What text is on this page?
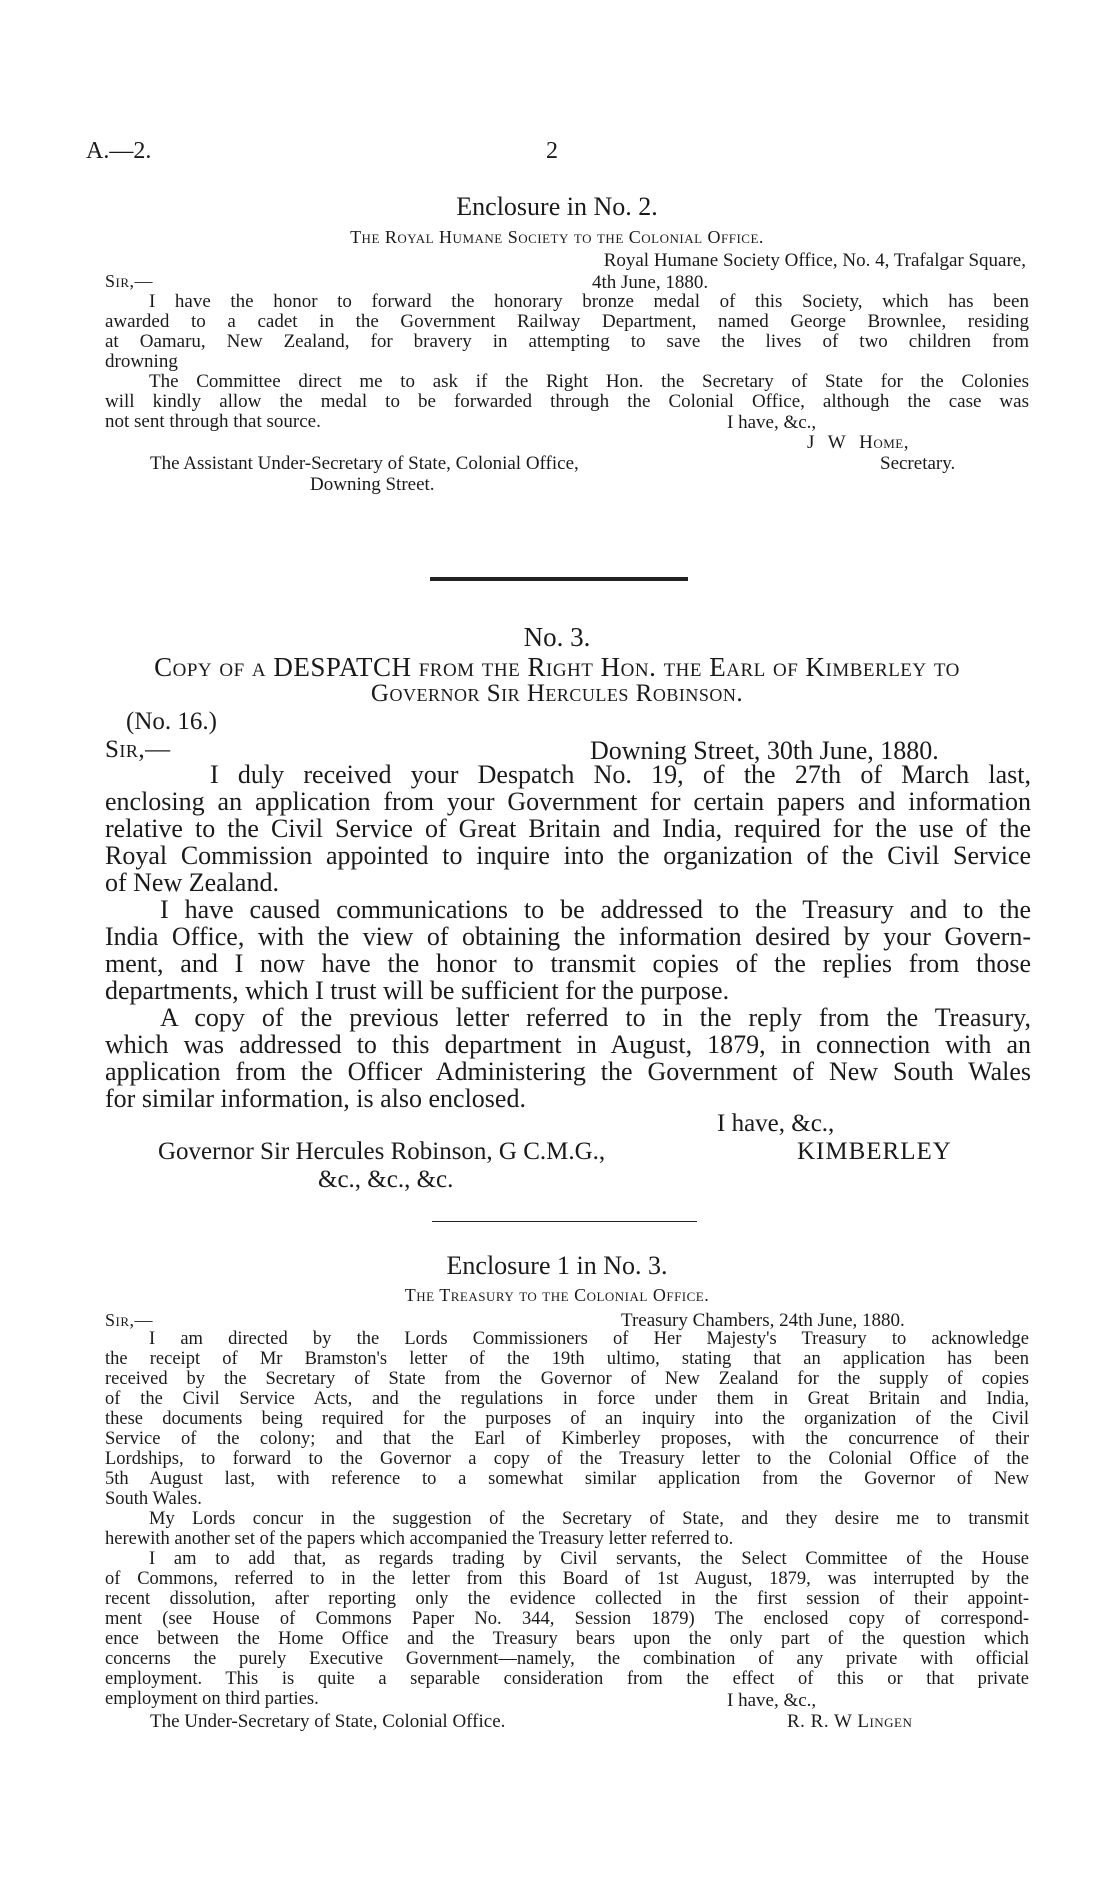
A.—2.	2
Enclosure in No. 2.
The Royal Humane Society to the Colonial Office.
Royal Humane Society Office, No. 4, Trafalgar Square,
Sir,—	4th June, 1880.
I have the honor to forward the honorary bronze medal of this Society, which has been
awarded to a cadet in the Government Railway Department, named George Brownlee, residing
at Oamaru, New Zealand, for bravery in attempting to save the lives of two children from
drowning
The Committee direct me to ask if the Right Hon. the Secretary of State for the Colonies
will kindly allow the medal to be forwarded through the Colonial Office, although the case was
not sent through that source.	I have, &c.,
J W Home,
The Assistant Under-Secretary of State, Colonial Office,	Secretary.
Downing Street.
No. 3.
Copy of a DESPATCH from the Right Hon. the Earl of Kimberley to
Governor Sir Hercules Robinson.
(No. 16.)
Sir,—	Downing Street, 30th June, 1880.
I duly received your Despatch No. 19, of the 27th of March last,
enclosing an application from your Government for certain papers and information
relative to the Civil Service of Great Britain and India, required for the use of the
Royal Commission appointed to inquire into the organization of the Civil Service
of New Zealand.
I have caused communications to be addressed to the Treasury and to the
India Office, with the view of obtaining the information desired by your Govern-
ment, and I now have the honor to transmit copies of the replies from those
departments, which I trust will be sufficient for the purpose.
A copy of the previous letter referred to in the reply from the Treasury,
which was addressed to this department in August, 1879, in connection with an
application from the Officer Administering the Government of New South Wales
for similar information, is also enclosed.
I have, &c.,
Governor Sir Hercules Robinson, G C.M.G.,	KIMBERLEY
&c., &c., &c.
Enclosure 1 in No. 3.
The Treasury to the Colonial Office.
Sir,—	Treasury Chambers, 24th June, 1880.
I am directed by the Lords Commissioners of Her Majesty's Treasury to acknowledge
the receipt of Mr Bramston's letter of the 19th ultimo, stating that an application has been
received by the Secretary of State from the Governor of New Zealand for the supply of copies
of the Civil Service Acts, and the regulations in force under them in Great Britain and India,
these documents being required for the purposes of an inquiry into the organization of the Civil
Service of the colony; and that the Earl of Kimberley proposes, with the concurrence of their
Lordships, to forward to the Governor a copy of the Treasury letter to the Colonial Office of the
5th August last, with reference to a somewhat similar application from the Governor of New
South Wales.
My Lords concur in the suggestion of the Secretary of State, and they desire me to transmit
herewith another set of the papers which accompanied the Treasury letter referred to.
I am to add that, as regards trading by Civil servants, the Select Committee of the House
of Commons, referred to in the letter from this Board of 1st August, 1879, was interrupted by the
recent dissolution, after reporting only the evidence collected in the first session of their appoint-
ment (see House of Commons Paper No. 344, Session 1879) The enclosed copy of correspond-
ence between the Home Office and the Treasury bears upon the only part of the question which
concerns the purely Executive Government—namely, the combination of any private with official
employment. This is quite a separable consideration from the effect of this or that private
employment on third parties.	I have, &c.,
The Under-Secretary of State, Colonial Office.	R. R. W Lingen
